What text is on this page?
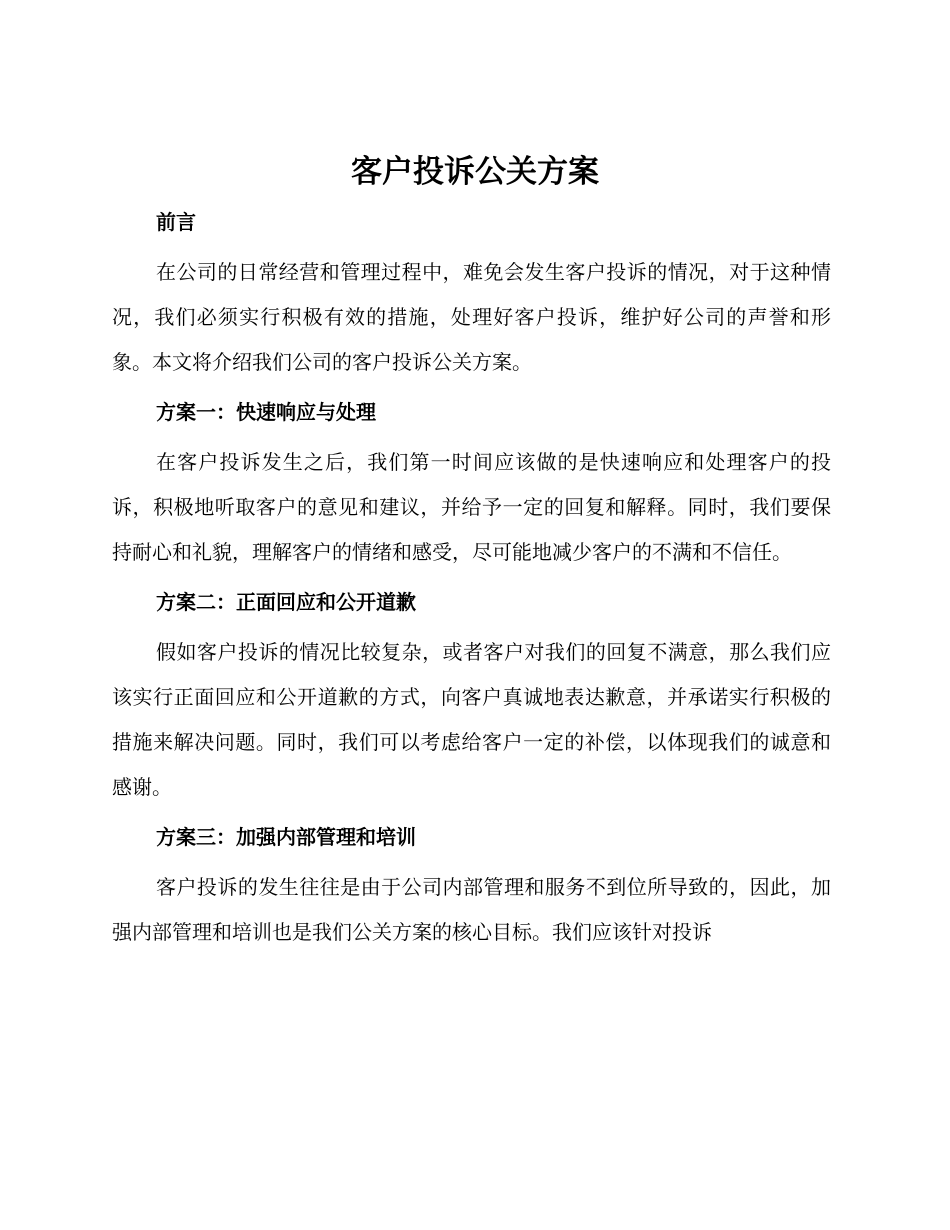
客户投诉公关方案

前言

在公司的日常经营和管理过程中，难免会发生客户投诉的情况，对于这种情况，我们必须实行积极有效的措施，处理好客户投诉，维护好公司的声誉和形象。本文将介绍我们公司的客户投诉公关方案。

方案一：快速响应与处理

在客户投诉发生之后，我们第一时间应该做的是快速响应和处理客户的投诉，积极地听取客户的意见和建议，并给予一定的回复和解释。同时，我们要保持耐心和礼貌，理解客户的情绪和感受，尽可能地减少客户的不满和不信任。

方案二：正面回应和公开道歉

假如客户投诉的情况比较复杂，或者客户对我们的回复不满意，那么我们应该实行正面回应和公开道歉的方式，向客户真诚地表达歉意，并承诺实行积极的措施来解决问题。同时，我们可以考虑给客户一定的补偿，以体现我们的诚意和感谢。

方案三：加强内部管理和培训

客户投诉的发生往往是由于公司内部管理和服务不到位所导致的，因此，加强内部管理和培训也是我们公关方案的核心目标。我们应该针对投诉
